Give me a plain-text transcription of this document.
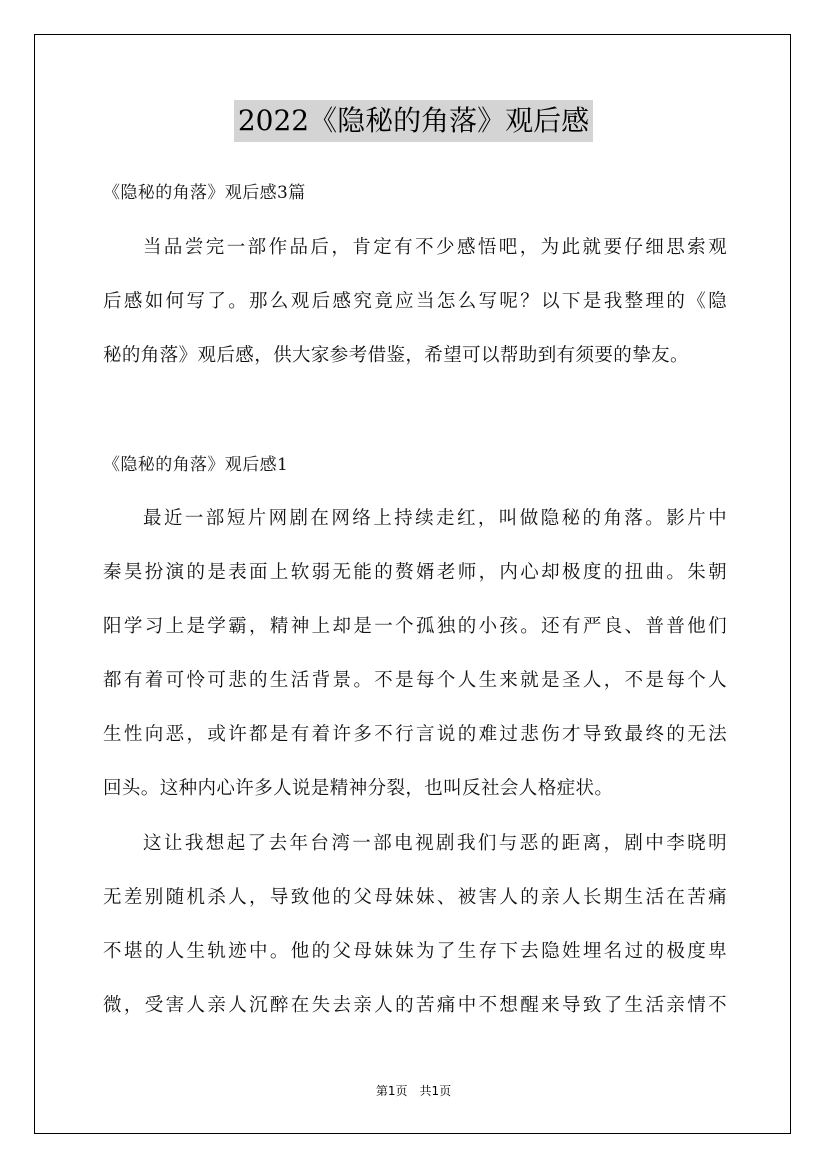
2022《隐秘的角落》观后感
《隐秘的角落》观后感3篇
当品尝完一部作品后，肯定有不少感悟吧，为此就要仔细思索观
后感如何写了。那么观后感究竟应当怎么写呢？以下是我整理的《隐
秘的角落》观后感，供大家参考借鉴，希望可以帮助到有须要的挚友。
《隐秘的角落》观后感1
最近一部短片网剧在网络上持续走红，叫做隐秘的角落。影片中
秦昊扮演的是表面上软弱无能的赘婿老师，内心却极度的扭曲。朱朝
阳学习上是学霸，精神上却是一个孤独的小孩。还有严良、普普他们
都有着可怜可悲的生活背景。不是每个人生来就是圣人，不是每个人
生性向恶，或许都是有着许多不行言说的难过悲伤才导致最终的无法
回头。这种内心许多人说是精神分裂，也叫反社会人格症状。
这让我想起了去年台湾一部电视剧我们与恶的距离，剧中李晓明
无差别随机杀人，导致他的父母妹妹、被害人的亲人长期生活在苦痛
不堪的人生轨迹中。他的父母妹妹为了生存下去隐姓埋名过的极度卑
微，受害人亲人沉醉在失去亲人的苦痛中不想醒来导致了生活亲情不
第1页　共1页
